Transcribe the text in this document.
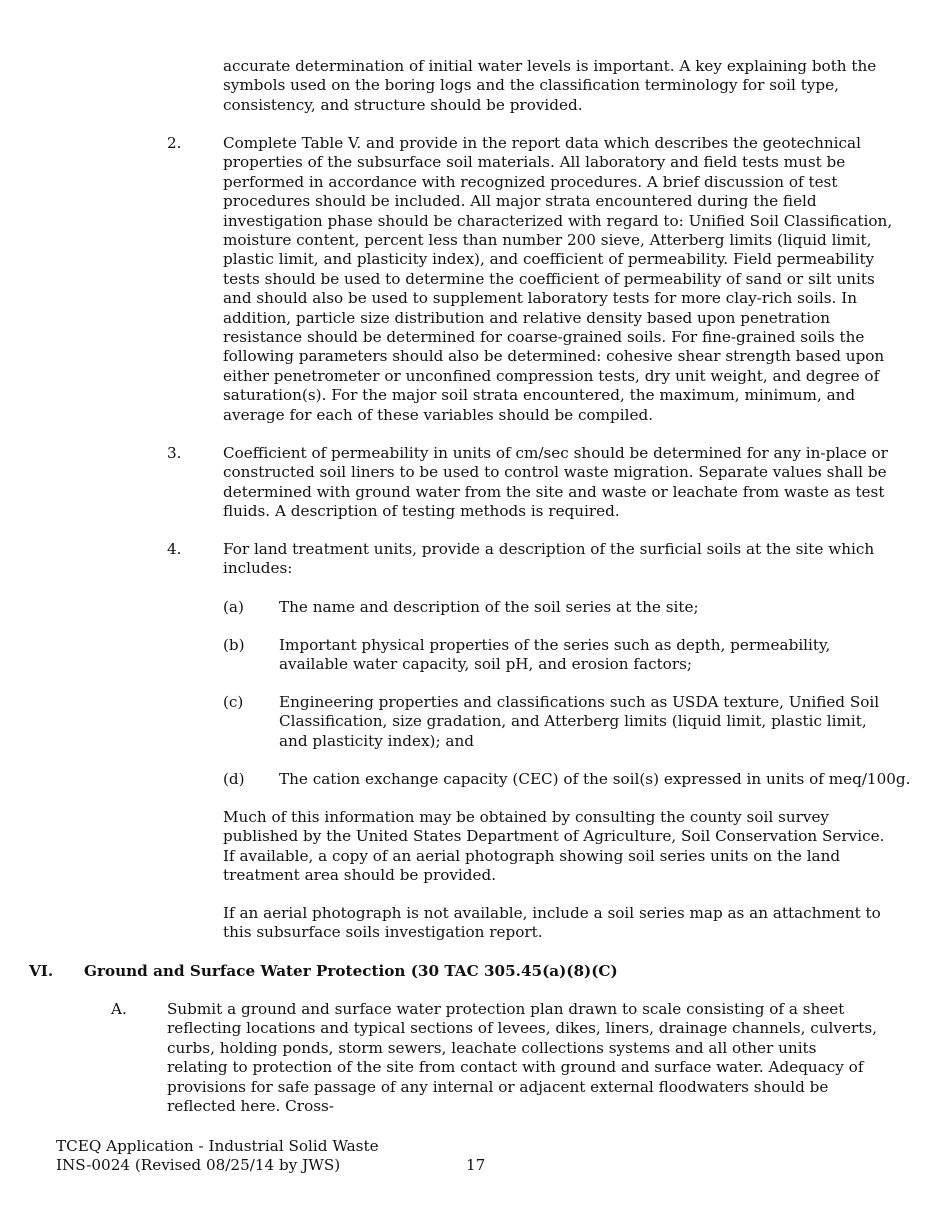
accurate determination of initial water levels is important. A key explaining both the symbols used on the boring logs and the classification terminology for soil type, consistency, and structure should be provided.

2.	Complete Table V. and provide in the report data which describes the geotechnical properties of the subsurface soil materials. All laboratory and field tests must be performed in accordance with recognized procedures. A brief discussion of test procedures should be included. All major strata encountered during the field investigation phase should be characterized with regard to: Unified Soil Classification, moisture content, percent less than number 200 sieve, Atterberg limits (liquid limit, plastic limit, and plasticity index), and coefficient of permeability. Field permeability tests should be used to determine the coefficient of permeability of sand or silt units and should also be used to supplement laboratory tests for more clay-rich soils. In addition, particle size distribution and relative density based upon penetration resistance should be determined for coarse-grained soils. For fine-grained soils the following parameters should also be determined: cohesive shear strength based upon either penetrometer or unconfined compression tests, dry unit weight, and degree of saturation(s). For the major soil strata encountered, the maximum, minimum, and average for each of these variables should be compiled.

3.	Coefficient of permeability in units of cm/sec should be determined for any in-place or constructed soil liners to be used to control waste migration. Separate values shall be determined with ground water from the site and waste or leachate from waste as test fluids. A description of testing methods is required.

4.	For land treatment units, provide a description of the surficial soils at the site which includes:

(a) The name and description of the soil series at the site;

(b) Important physical properties of the series such as depth, permeability, available water capacity, soil pH, and erosion factors;

(c) Engineering properties and classifications such as USDA texture, Unified Soil Classification, size gradation, and Atterberg limits (liquid limit, plastic limit, and plasticity index); and

(d) The cation exchange capacity (CEC) of the soil(s) expressed in units of meq/100g.

Much of this information may be obtained by consulting the county soil survey published by the United States Department of Agriculture, Soil Conservation Service. If available, a copy of an aerial photograph showing soil series units on the land treatment area should be provided.

If an aerial photograph is not available, include a soil series map as an attachment to this subsurface soils investigation report.

VI. Ground and Surface Water Protection (30 TAC 305.45(a)(8)(C)
A.	Submit a ground and surface water protection plan drawn to scale consisting of a sheet reflecting locations and typical sections of levees, dikes, liners, drainage channels, culverts, curbs, holding ponds, storm sewers, leachate collections systems and all other units relating to protection of the site from contact with ground and surface water. Adequacy of provisions for safe passage of any internal or adjacent external floodwaters should be reflected here. Cross-

TCEQ Application - Industrial Solid Waste
INS-0024 (Revised 08/25/14 by JWS)	17
